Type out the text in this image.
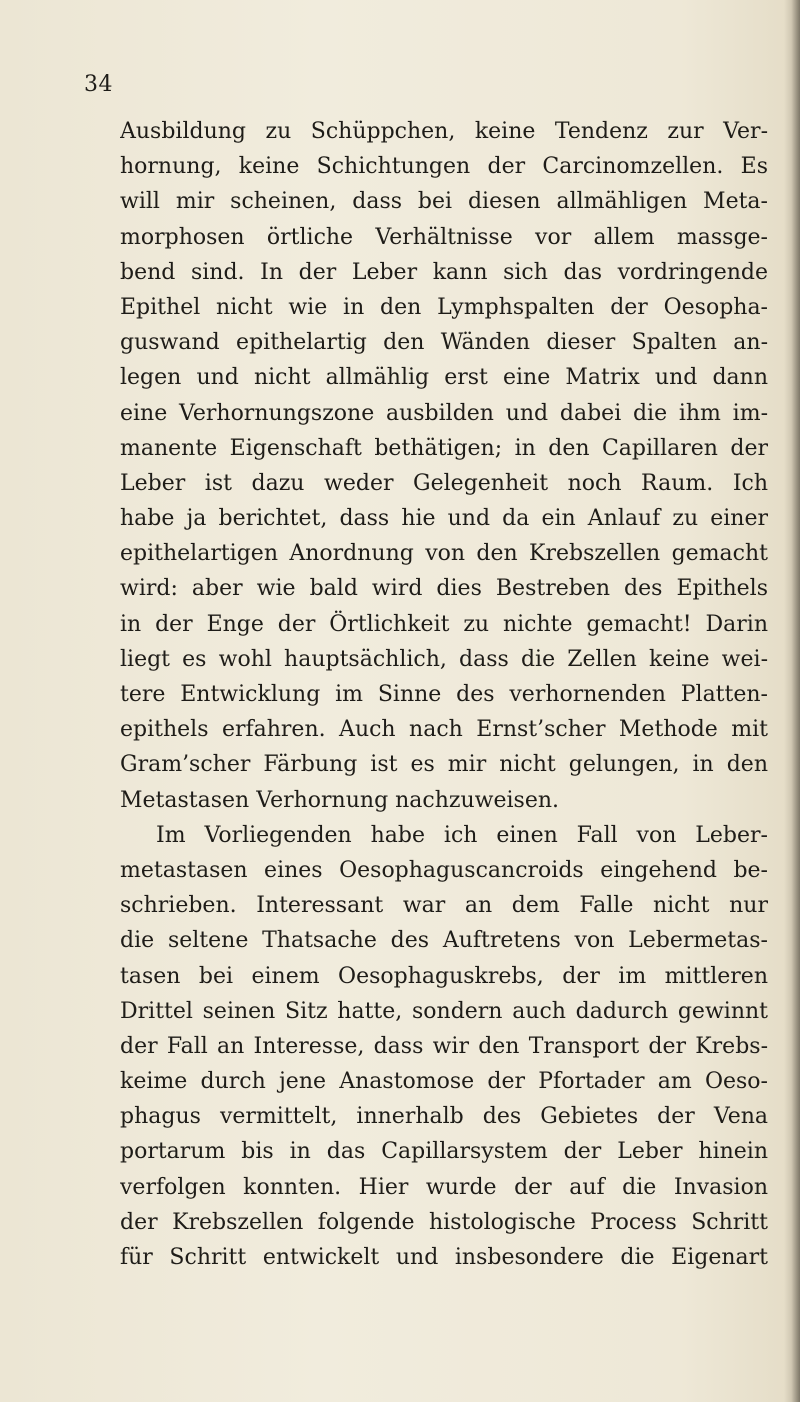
34
Ausbildung zu Schüppchen, keine Tendenz zur Ver-
hornung, keine Schichtungen der Carcinomzellen. Es
will mir scheinen, dass bei diesen allmähligen Meta-
morphosen örtliche Verhältnisse vor allem massge-
bend sind. In der Leber kann sich das vordringende
Epithel nicht wie in den Lymphspalten der Oesopha-
guswand epithelartig den Wänden dieser Spalten an-
legen und nicht allmählig erst eine Matrix und dann
eine Verhornungszone ausbilden und dabei die ihm im-
manente Eigenschaft bethätigen; in den Capillaren der
Leber ist dazu weder Gelegenheit noch Raum. Ich
habe ja berichtet, dass hie und da ein Anlauf zu einer
epithelartigen Anordnung von den Krebszellen gemacht
wird: aber wie bald wird dies Bestreben des Epithels
in der Enge der Örtlichkeit zu nichte gemacht! Darin
liegt es wohl hauptsächlich, dass die Zellen keine wei-
tere Entwicklung im Sinne des verhornenden Platten-
epithels erfahren. Auch nach Ernst’scher Methode mit
Gram’scher Färbung ist es mir nicht gelungen, in den
Metastasen Verhornung nachzuweisen.
Im Vorliegenden habe ich einen Fall von Leber-
metastasen eines Oesophaguscancroids eingehend be-
schrieben. Interessant war an dem Falle nicht nur
die seltene Thatsache des Auftretens von Lebermetas-
tasen bei einem Oesophaguskrebs, der im mittleren
Drittel seinen Sitz hatte, sondern auch dadurch gewinnt
der Fall an Interesse, dass wir den Transport der Krebs-
keime durch jene Anastomose der Pfortader am Oeso-
phagus vermittelt, innerhalb des Gebietes der Vena
portarum bis in das Capillarsystem der Leber hinein
verfolgen konnten. Hier wurde der auf die Invasion
der Krebszellen folgende histologische Process Schritt
für Schritt entwickelt und insbesondere die Eigenart
